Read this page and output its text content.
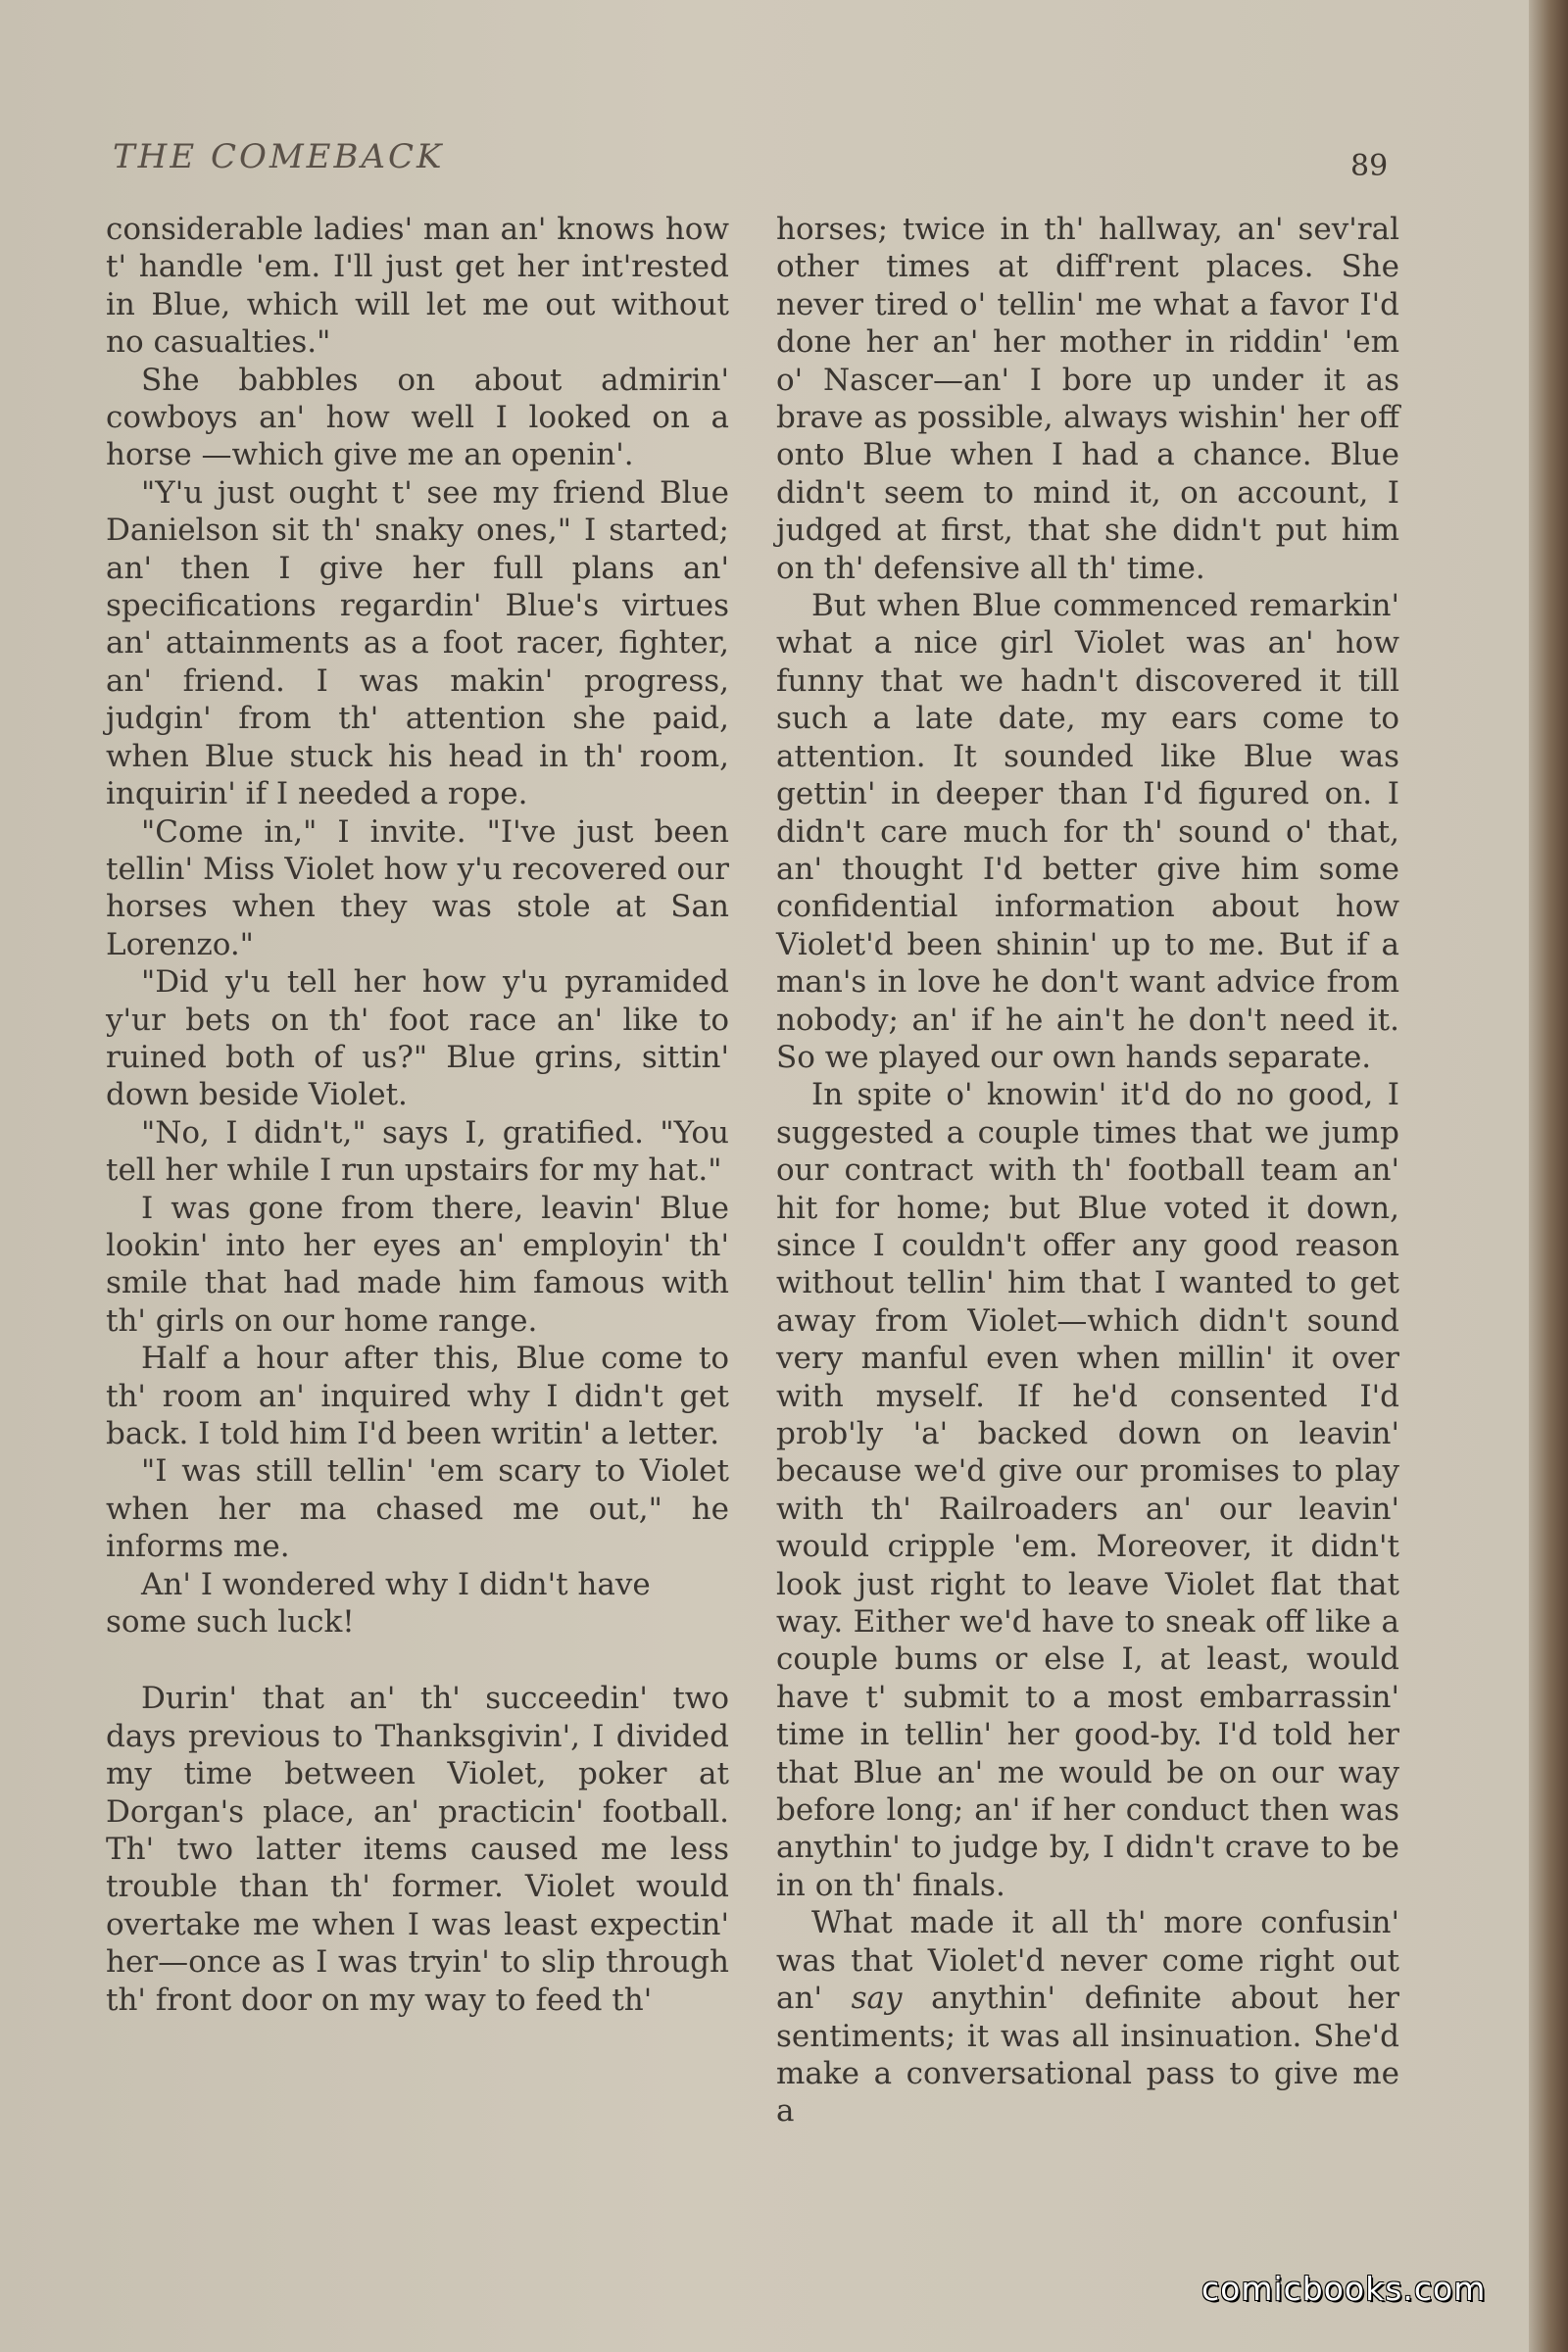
THE COMEBACK	89

considerable ladies' man an' knows how t' handle 'em. I'll just get her int'rested in Blue, which will let me out without no casualties."

She babbles on about admirin' cowboys an' how well I looked on a horse —which give me an openin'.

"Y'u just ought t' see my friend Blue Danielson sit th' snaky ones," I started; an' then I give her full plans an' specifications regardin' Blue's virtues an' attainments as a foot racer, fighter, an' friend. I was makin' progress, judgin' from th' attention she paid, when Blue stuck his head in th' room, inquirin' if I needed a rope.

"Come in," I invite. "I've just been tellin' Miss Violet how y'u recovered our horses when they was stole at San Lorenzo."

"Did y'u tell her how y'u pyramided y'ur bets on th' foot race an' like to ruined both of us?" Blue grins, sittin' down beside Violet.

"No, I didn't," says I, gratified. "You tell her while I run upstairs for my hat."

I was gone from there, leavin' Blue lookin' into her eyes an' employin' th' smile that had made him famous with th' girls on our home range.

Half a hour after this, Blue come to th' room an' inquired why I didn't get back. I told him I'd been writin' a letter.

"I was still tellin' 'em scary to Violet when her ma chased me out," he informs me.

An' I wondered why I didn't have some such luck!

Durin' that an' th' succeedin' two days previous to Thanksgivin', I divided my time between Violet, poker at Dorgan's place, an' practicin' football. Th' two latter items caused me less trouble than th' former. Violet would overtake me when I was least expectin' her—once as I was tryin' to slip through th' front door on my way to feed th'

horses; twice in th' hallway, an' sev'ral other times at diff'rent places. She never tired o' tellin' me what a favor I'd done her an' her mother in riddin' 'em o' Nascer—an' I bore up under it as brave as possible, always wishin' her off onto Blue when I had a chance. Blue didn't seem to mind it, on account, I judged at first, that she didn't put him on th' defensive all th' time.

But when Blue commenced remarkin' what a nice girl Violet was an' how funny that we hadn't discovered it till such a late date, my ears come to attention. It sounded like Blue was gettin' in deeper than I'd figured on. I didn't care much for th' sound o' that, an' thought I'd better give him some confidential information about how Violet'd been shinin' up to me. But if a man's in love he don't want advice from nobody; an' if he ain't he don't need it. So we played our own hands separate.

In spite o' knowin' it'd do no good, I suggested a couple times that we jump our contract with th' football team an' hit for home; but Blue voted it down, since I couldn't offer any good reason without tellin' him that I wanted to get away from Violet—which didn't sound very manful even when millin' it over with myself. If he'd consented I'd prob'ly 'a' backed down on leavin' because we'd give our promises to play with th' Railroaders an' our leavin' would cripple 'em. Moreover, it didn't look just right to leave Violet flat that way. Either we'd have to sneak off like a couple bums or else I, at least, would have t' submit to a most embarrassin' time in tellin' her good-by. I'd told her that Blue an' me would be on our way before long; an' if her conduct then was anythin' to judge by, I didn't crave to be in on th' finals.

What made it all th' more confusin' was that Violet'd never come right out an' say anythin' definite about her sentiments; it was all insinuation. She'd make a conversational pass to give me a

comicbooks.com
